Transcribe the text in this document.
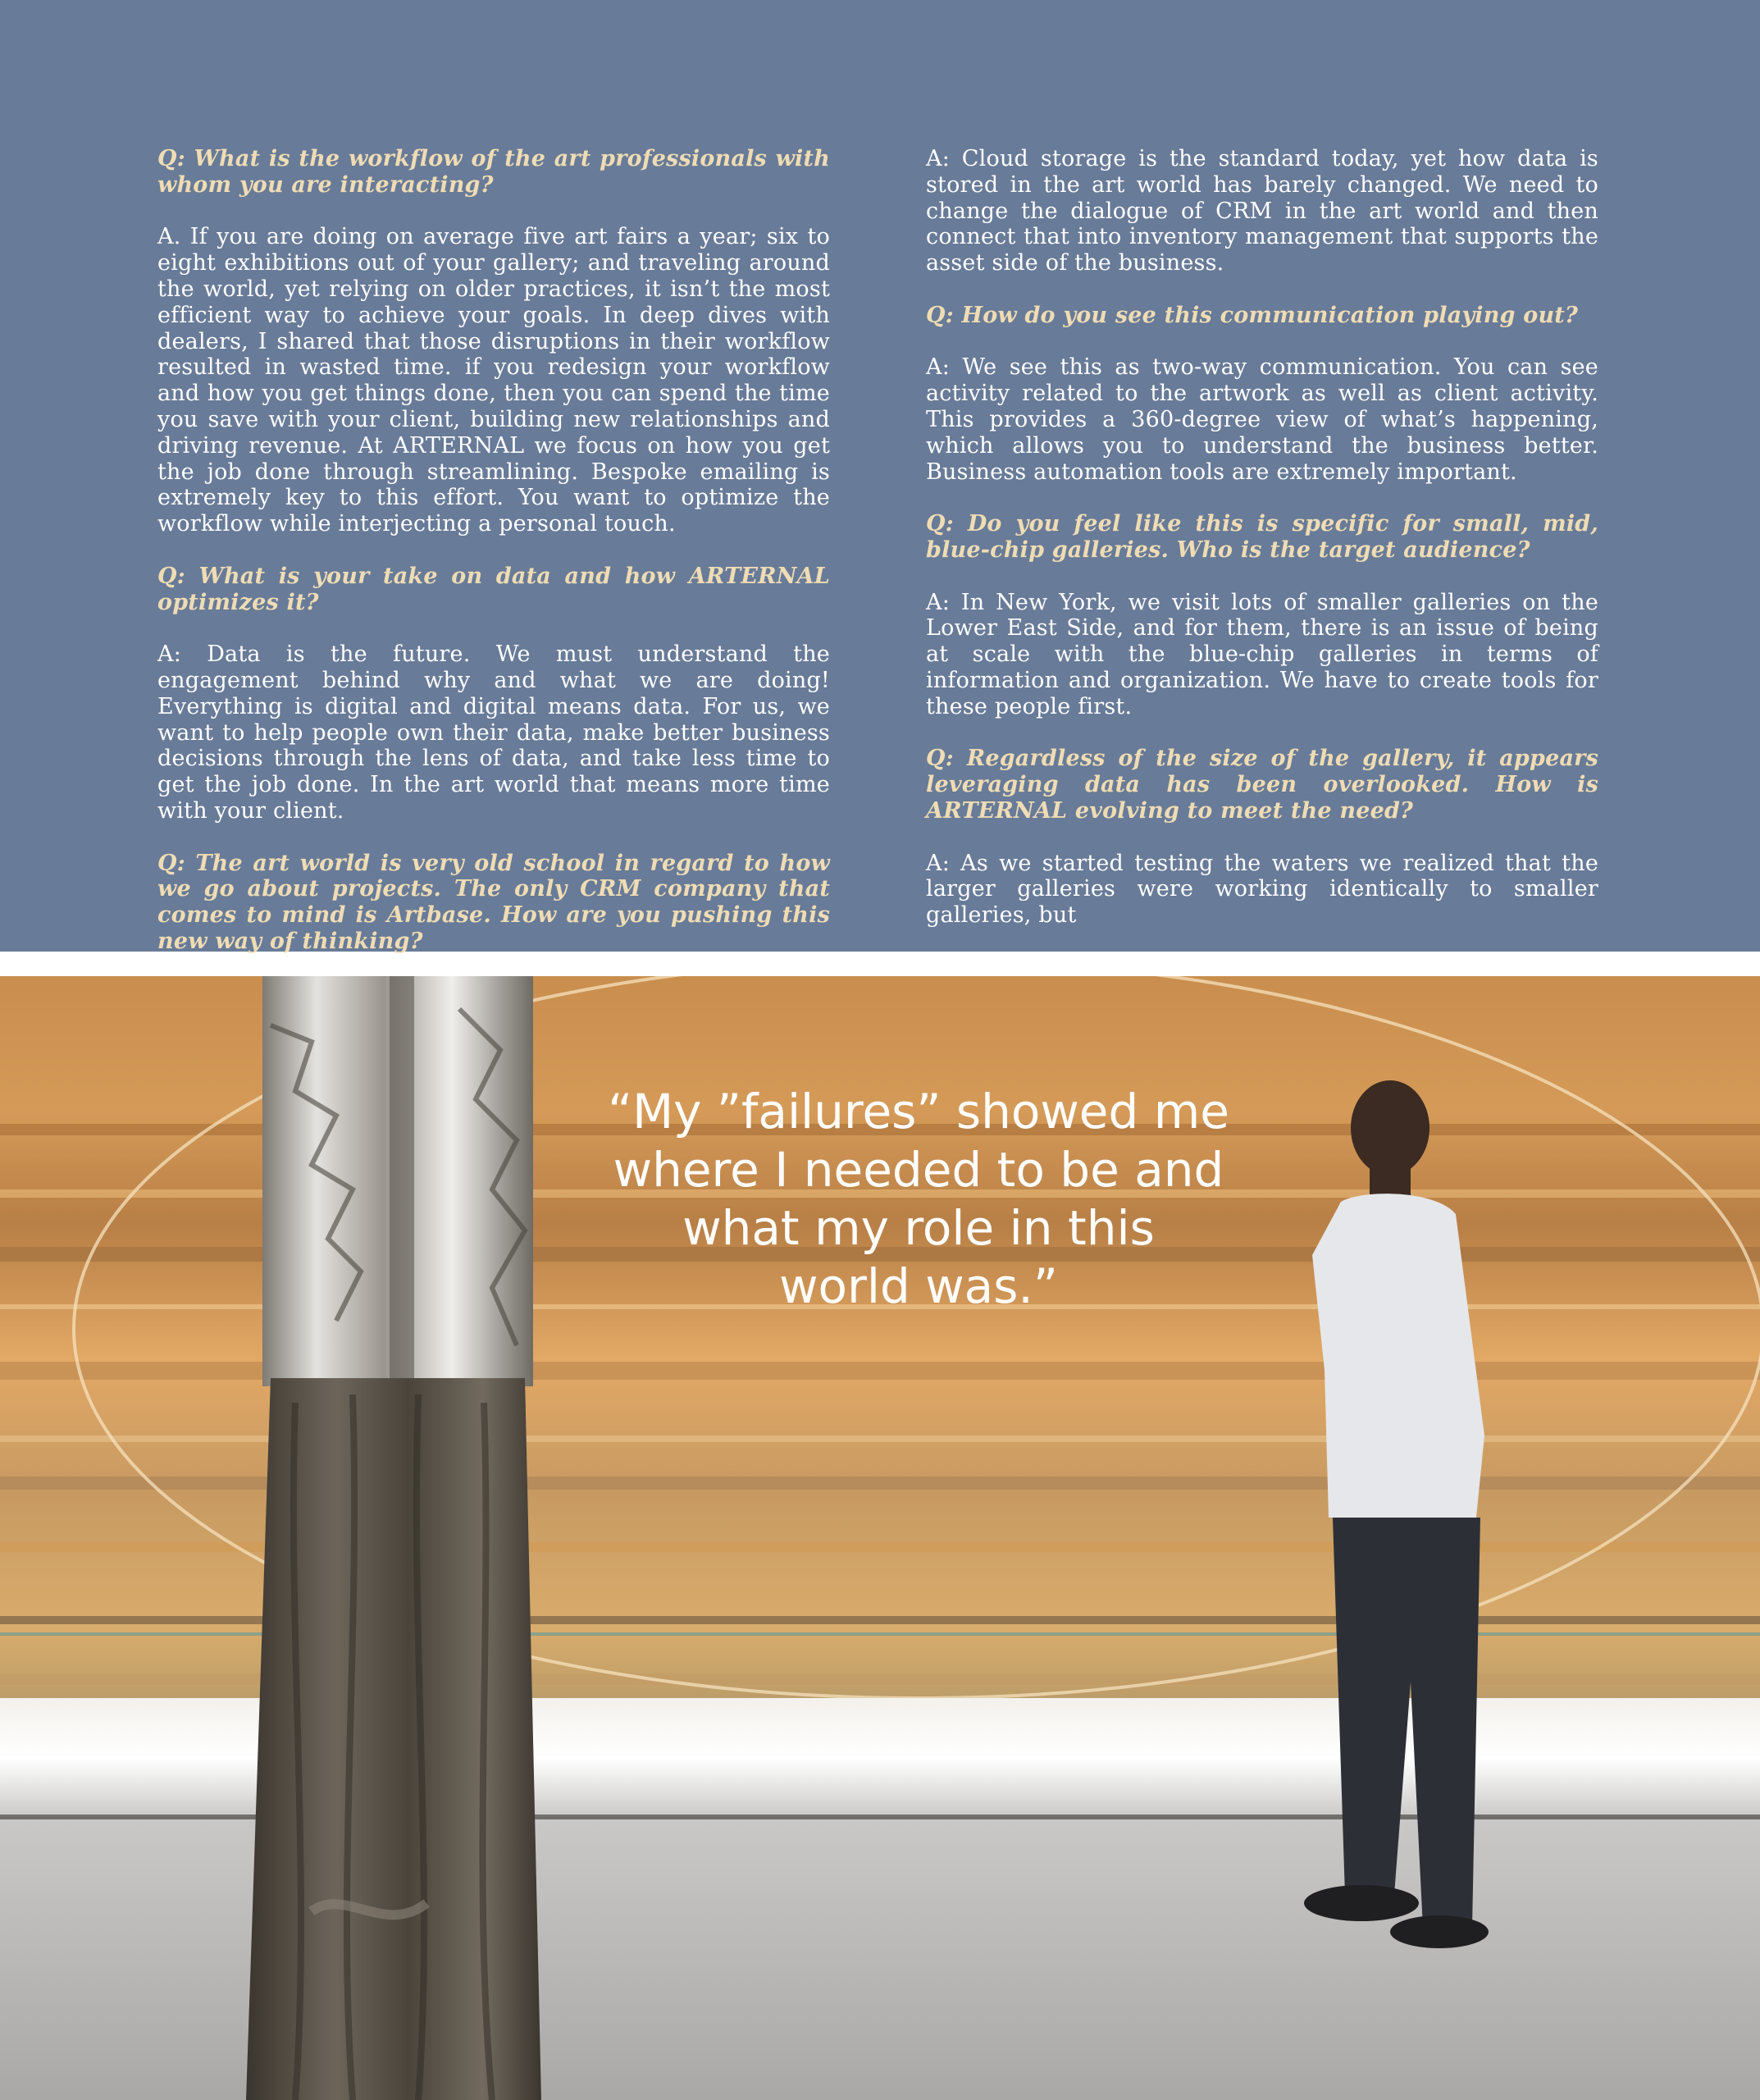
Q: What is the workflow of the art professionals with whom you are interacting?

A. If you are doing on average five art fairs a year; six to eight exhibitions out of your gallery; and traveling around the world, yet relying on older practices, it isn’t the most efficient way to achieve your goals. In deep dives with dealers, I shared that those disruptions in their workflow resulted in wasted time. if you redesign your workflow and how you get things done, then you can spend the time you save with your client, building new relationships and driving revenue. At ARTERNAL we focus on how you get the job done through streamlining. Bespoke emailing is extremely key to this effort. You want to optimize the workflow while interjecting a personal touch.

Q: What is your take on data and how ARTERNAL optimizes it?

A: Data is the future. We must understand the engagement behind why and what we are doing! Everything is digital and digital means data. For us, we want to help people own their data, make better business decisions through the lens of data, and take less time to get the job done. In the art world that means more time with your client.

Q: The art world is very old school in regard to how we go about projects. The only CRM company that comes to mind is Artbase. How are you pushing this new way of thinking?

A: Cloud storage is the standard today, yet how data is stored in the art world has barely changed. We need to change the dialogue of CRM in the art world and then connect that into inventory management that supports the asset side of the business.

Q: How do you see this communication playing out?

A: We see this as two-way communication. You can see activity related to the artwork as well as client activity. This provides a 360-degree view of what’s happening, which allows you to understand the business better. Business automation tools are extremely important.

Q: Do you feel like this is specific for small, mid, blue-chip galleries. Who is the target audience?

A: In New York, we visit lots of smaller galleries on the Lower East Side, and for them, there is an issue of being at scale with the blue-chip galleries in terms of information and organization. We have to create tools for these people first.

Q: Regardless of the size of the gallery, it appears leveraging data has been overlooked. How is ARTERNAL evolving to meet the need?

A: As we started testing the waters we realized that the larger galleries were working identically to smaller galleries, but

“My ”failures” showed me
where I needed to be and
what my role in this
world was.”
